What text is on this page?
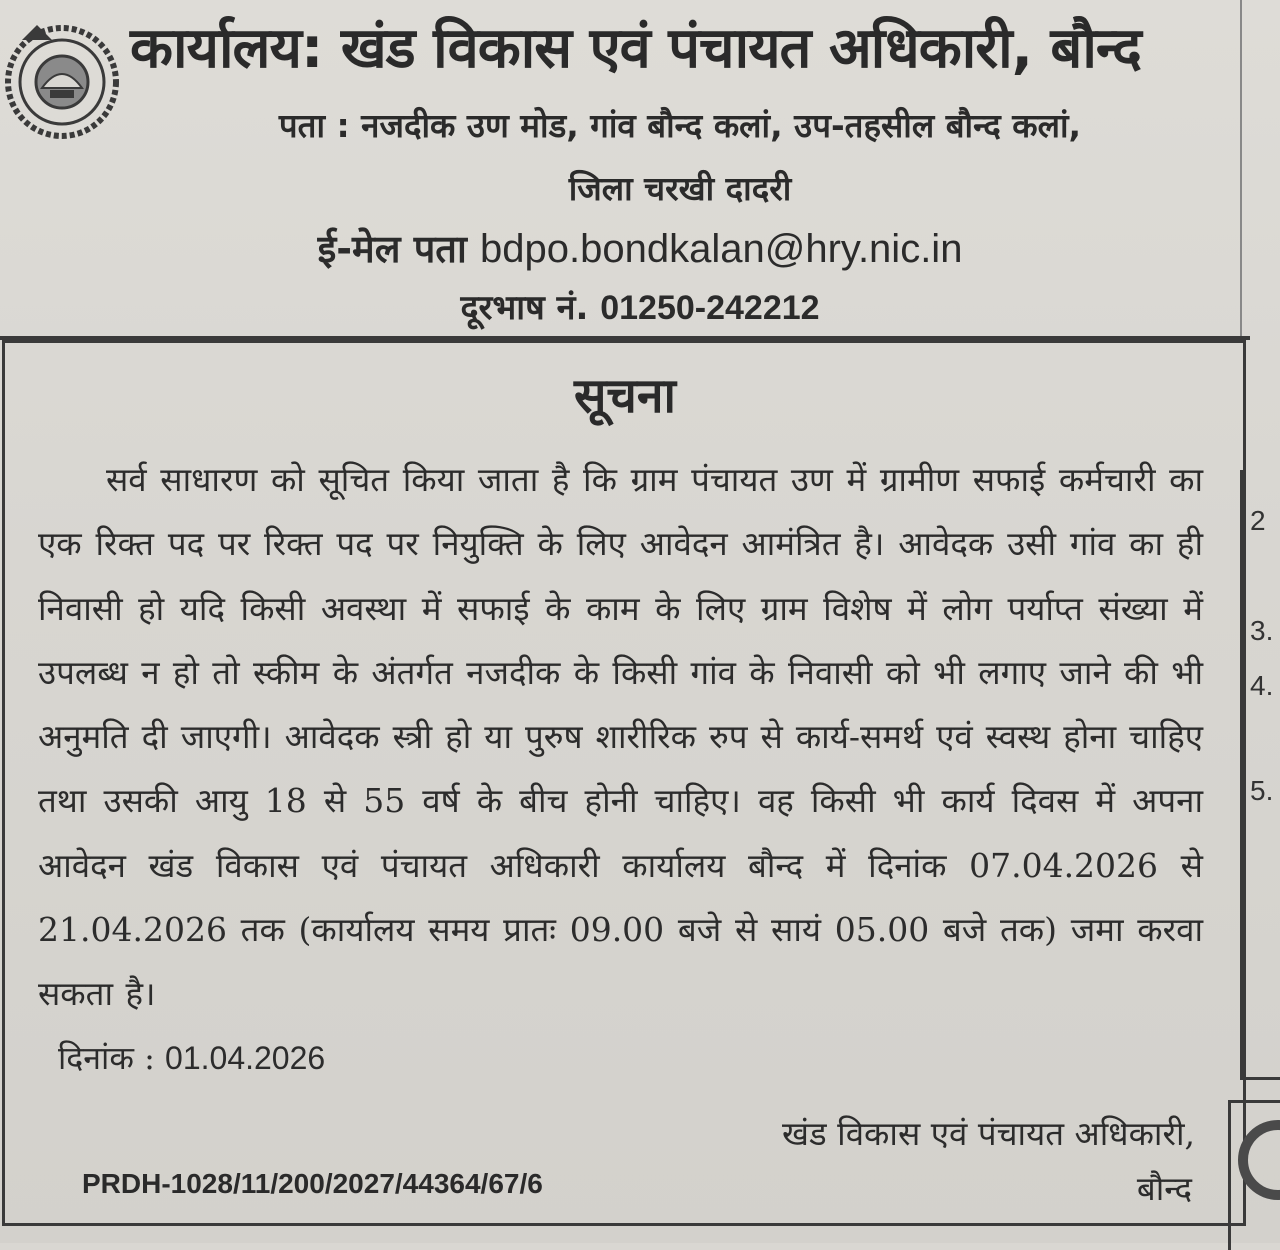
कार्यालय: खंड विकास एवं पंचायत अधिकारी, बौन्द
पता : नजदीक उण मोड, गांव बौन्द कलां, उप-तहसील बौन्द कलां,
जिला चरखी दादरी
ई-मेल पता bdpo.bondkalan@hry.nic.in
दूरभाष नं. 01250-242212
सूचना
सर्व साधारण को सूचित किया जाता है कि ग्राम पंचायत उण में ग्रामीण सफाई कर्मचारी का एक रिक्त पद पर रिक्त पद पर नियुक्ति के लिए आवेदन आमंत्रित है। आवेदक उसी गांव का ही निवासी हो यदि किसी अवस्था में सफाई के काम के लिए ग्राम विशेष में लोग पर्याप्त संख्या में उपलब्ध न हो तो स्कीम के अंतर्गत नजदीक के किसी गांव के निवासी को भी लगाए जाने की भी अनुमति दी जाएगी। आवेदक स्त्री हो या पुरुष शारीरिक रुप से कार्य-समर्थ एवं स्वस्थ होना चाहिए तथा उसकी आयु 18 से 55 वर्ष के बीच होनी चाहिए। वह किसी भी कार्य दिवस में अपना आवेदन खंड विकास एवं पंचायत अधिकारी कार्यालय बौन्द में दिनांक 07.04.2026 से 21.04.2026 तक (कार्यालय समय प्रातः 09.00 बजे से सायं 05.00 बजे तक) जमा करवा सकता है।
दिनांक : 01.04.2026
खंड विकास एवं पंचायत अधिकारी,
बौन्द
PRDH-1028/11/200/2027/44364/67/6
2
3.
4.
5.
